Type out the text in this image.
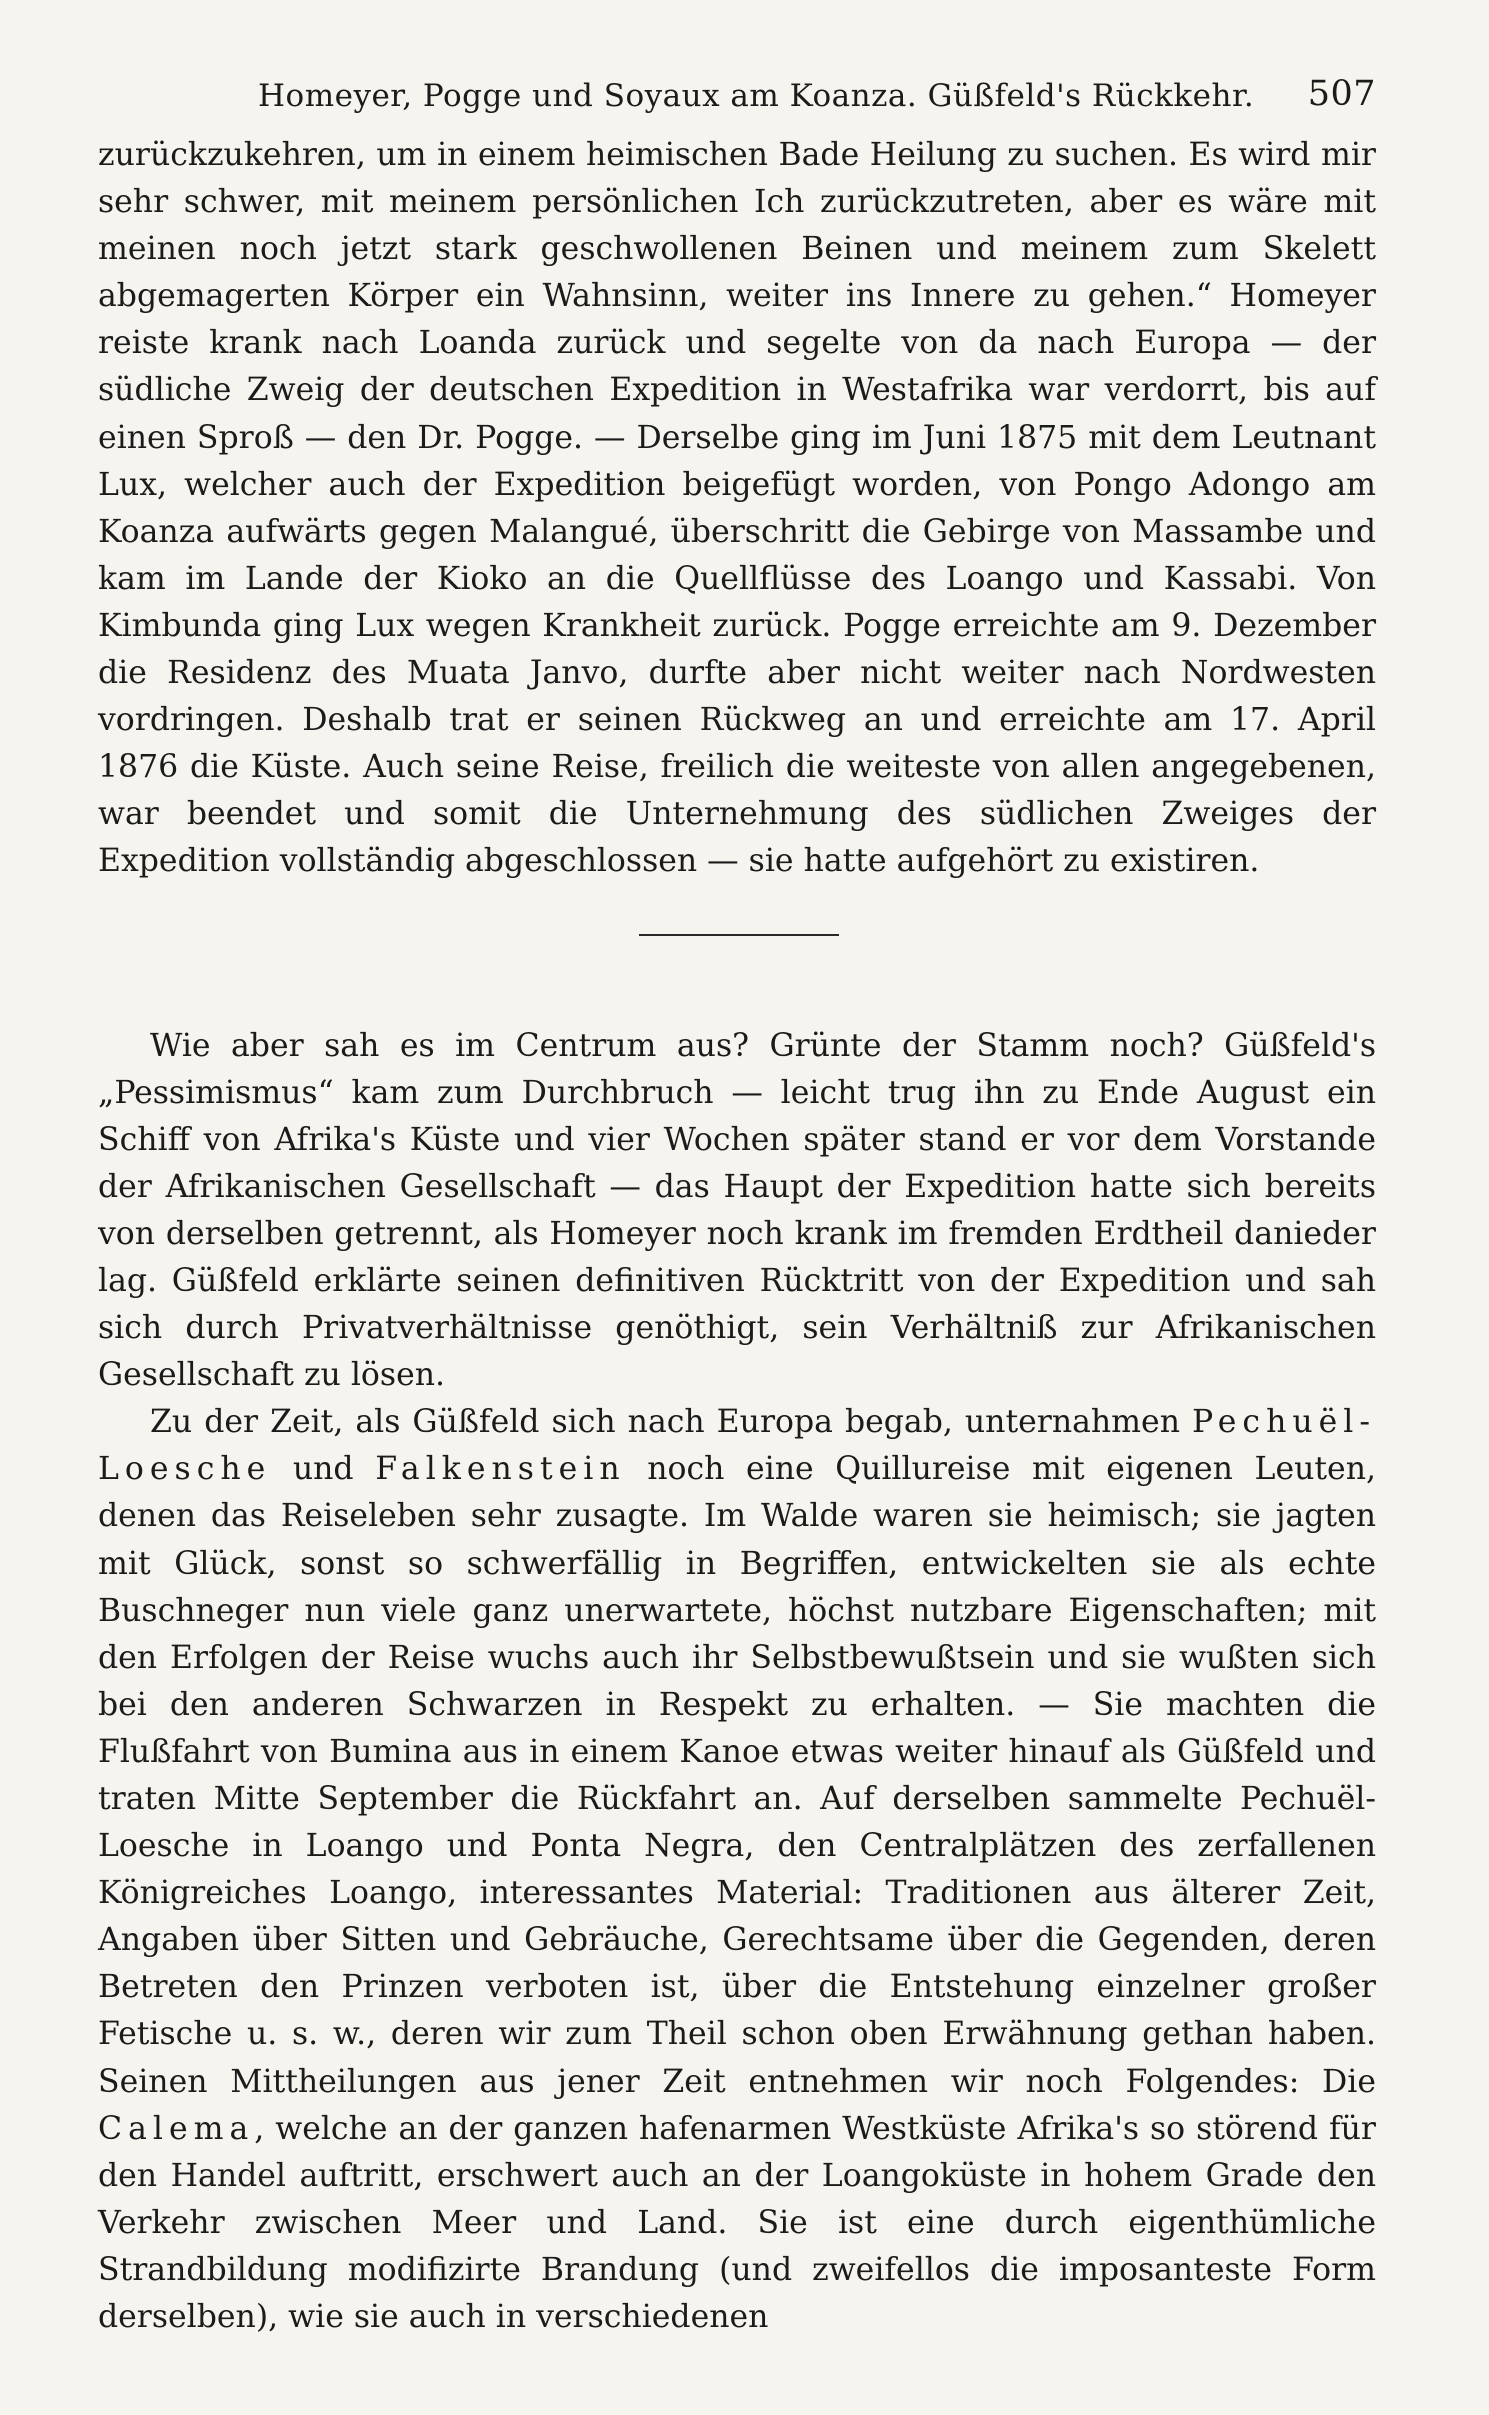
Homeyer, Pogge und Soyaux am Koanza. Güßfeld's Rückkehr. 507

zurückzukehren, um in einem heimischen Bade Heilung zu suchen. Es wird mir sehr schwer, mit meinem persönlichen Ich zurückzutreten, aber es wäre mit meinen noch jetzt stark geschwollenen Beinen und meinem zum Skelett abgemagerten Körper ein Wahnsinn, weiter ins Innere zu gehen.“ Homeyer reiste krank nach Loanda zurück und segelte von da nach Europa — der südliche Zweig der deutschen Expedition in Westafrika war verdorrt, bis auf einen Sproß — den Dr. Pogge. — Derselbe ging im Juni 1875 mit dem Leutnant Lux, welcher auch der Expedition beigefügt worden, von Pongo Adongo am Koanza aufwärts gegen Malangué, überschritt die Gebirge von Massambe und kam im Lande der Kioko an die Quellflüsse des Loango und Kassabi. Von Kimbunda ging Lux wegen Krankheit zurück. Pogge erreichte am 9. Dezember die Residenz des Muata Janvo, durfte aber nicht weiter nach Nordwesten vordringen. Deshalb trat er seinen Rückweg an und erreichte am 17. April 1876 die Küste. Auch seine Reise, freilich die weiteste von allen angegebenen, war beendet und somit die Unternehmung des südlichen Zweiges der Expedition vollständig abgeschlossen — sie hatte aufgehört zu existiren.

Wie aber sah es im Centrum aus? Grünte der Stamm noch? Güßfeld's „Pessimismus“ kam zum Durchbruch — leicht trug ihn zu Ende August ein Schiff von Afrika's Küste und vier Wochen später stand er vor dem Vorstande der Afrikanischen Gesellschaft — das Haupt der Expedition hatte sich bereits von derselben getrennt, als Homeyer noch krank im fremden Erdtheil danieder lag. Güßfeld erklärte seinen definitiven Rücktritt von der Expedition und sah sich durch Privatverhältnisse genöthigt, sein Verhältniß zur Afrikanischen Gesellschaft zu lösen.

Zu der Zeit, als Güßfeld sich nach Europa begab, unternahmen Pechuël-Loesche und Falkenstein noch eine Quillureise mit eigenen Leuten, denen das Reiseleben sehr zusagte. Im Walde waren sie heimisch; sie jagten mit Glück, sonst so schwerfällig in Begriffen, entwickelten sie als echte Buschneger nun viele ganz unerwartete, höchst nutzbare Eigenschaften; mit den Erfolgen der Reise wuchs auch ihr Selbstbewußtsein und sie wußten sich bei den anderen Schwarzen in Respekt zu erhalten. — Sie machten die Flußfahrt von Bumina aus in einem Kanoe etwas weiter hinauf als Güßfeld und traten Mitte September die Rückfahrt an. Auf derselben sammelte Pechuël-Loesche in Loango und Ponta Negra, den Centralplätzen des zerfallenen Königreiches Loango, interessantes Material: Traditionen aus älterer Zeit, Angaben über Sitten und Gebräuche, Gerechtsame über die Gegenden, deren Betreten den Prinzen verboten ist, über die Entstehung einzelner großer Fetische u. s. w., deren wir zum Theil schon oben Erwähnung gethan haben. Seinen Mittheilungen aus jener Zeit entnehmen wir noch Folgendes: Die Calema, welche an der ganzen hafenarmen Westküste Afrika's so störend für den Handel auftritt, erschwert auch an der Loangoküste in hohem Grade den Verkehr zwischen Meer und Land. Sie ist eine durch eigenthümliche Strandbildung modifizirte Brandung (und zweifellos die imposanteste Form derselben), wie sie auch in verschiedenen
